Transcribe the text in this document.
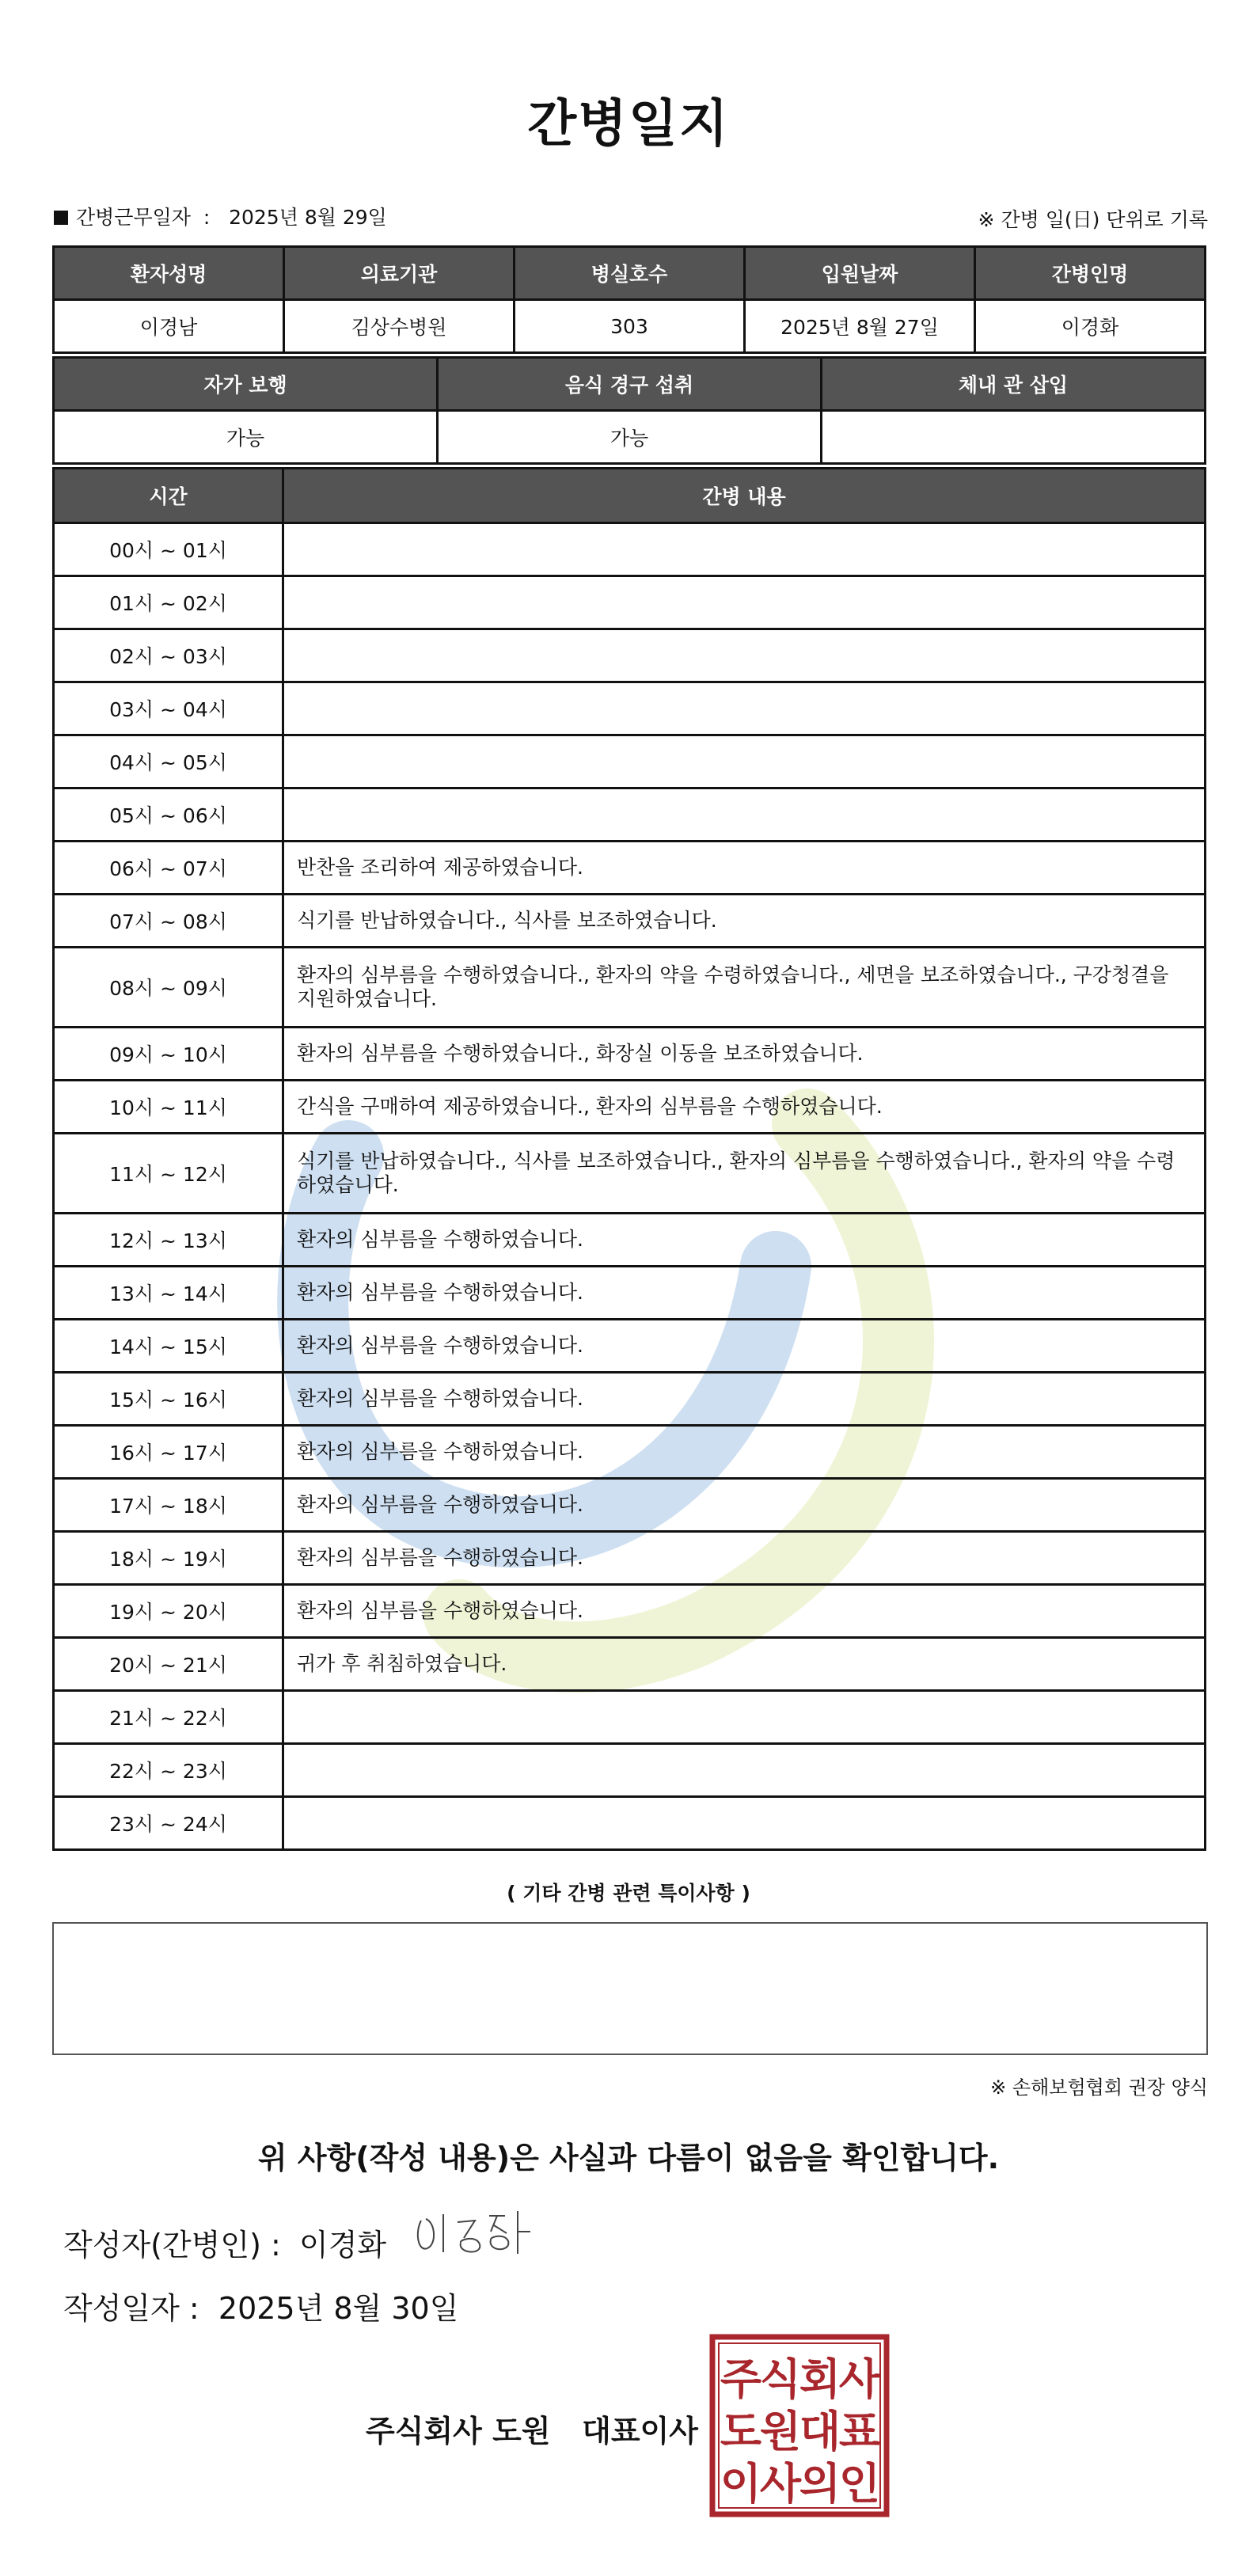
간병일지
간병근무일자 : 2025년 8월 29일	※ 간병 일(日) 단위로 기록
환자성명	의료기관	병실호수	입원날짜	간병인명
이경남	김상수병원	303	2025년 8월 27일	이경화
자가 보행	음식 경구 섭취	체내 관 삽입
가능	가능	
시간	간병 내용
00시 ~ 01시	
01시 ~ 02시	
02시 ~ 03시	
03시 ~ 04시	
04시 ~ 05시	
05시 ~ 06시	
06시 ~ 07시	반찬을 조리하여 제공하였습니다.
07시 ~ 08시	식기를 반납하였습니다., 식사를 보조하였습니다.
08시 ~ 09시	환자의 심부름을 수행하였습니다., 환자의 약을 수령하였습니다., 세면을 보조하였습니다., 구강청결을 지원하였습니다.
09시 ~ 10시	환자의 심부름을 수행하였습니다., 화장실 이동을 보조하였습니다.
10시 ~ 11시	간식을 구매하여 제공하였습니다., 환자의 심부름을 수행하였습니다.
11시 ~ 12시	식기를 반납하였습니다., 식사를 보조하였습니다., 환자의 심부름을 수행하였습니다., 환자의 약을 수령하였습니다.
12시 ~ 13시	환자의 심부름을 수행하였습니다.
13시 ~ 14시	환자의 심부름을 수행하였습니다.
14시 ~ 15시	환자의 심부름을 수행하였습니다.
15시 ~ 16시	환자의 심부름을 수행하였습니다.
16시 ~ 17시	환자의 심부름을 수행하였습니다.
17시 ~ 18시	환자의 심부름을 수행하였습니다.
18시 ~ 19시	환자의 심부름을 수행하였습니다.
19시 ~ 20시	환자의 심부름을 수행하였습니다.
20시 ~ 21시	귀가 후 취침하였습니다.
21시 ~ 22시	
22시 ~ 23시	
23시 ~ 24시	
( 기타 간병 관련 특이사항 )
※ 손해보험협회 권장 양식
위 사항(작성 내용)은 사실과 다름이 없음을 확인합니다.
작성자(간병인) : 이경화
작성일자 : 2025년 8월 30일
주식회사 도원   대표이사
주
식
회
사
도
원
대
표
이
사
의
인
